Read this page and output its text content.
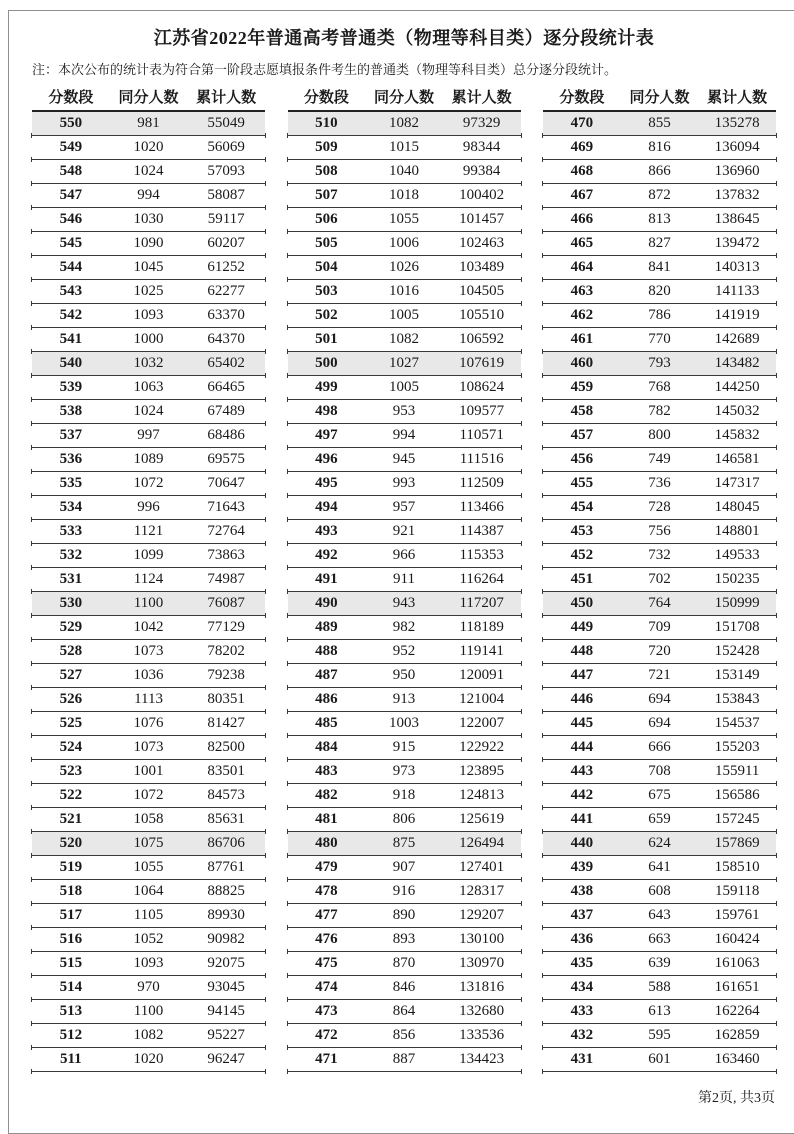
江苏省2022年普通高考普通类（物理等科目类）逐分段统计表

注：本次公布的统计表为符合第一阶段志愿填报条件考生的普通类（物理等科目类）总分逐分段统计。

分数段	同分人数	累计人数
550	981	55049
549	1020	56069
548	1024	57093
547	994	58087
546	1030	59117
545	1090	60207
544	1045	61252
543	1025	62277
542	1093	63370
541	1000	64370
540	1032	65402
539	1063	66465
538	1024	67489
537	997	68486
536	1089	69575
535	1072	70647
534	996	71643
533	1121	72764
532	1099	73863
531	1124	74987
530	1100	76087
529	1042	77129
528	1073	78202
527	1036	79238
526	1113	80351
525	1076	81427
524	1073	82500
523	1001	83501
522	1072	84573
521	1058	85631
520	1075	86706
519	1055	87761
518	1064	88825
517	1105	89930
516	1052	90982
515	1093	92075
514	970	93045
513	1100	94145
512	1082	95227
511	1020	96247
分数段	同分人数	累计人数
510	1082	97329
509	1015	98344
508	1040	99384
507	1018	100402
506	1055	101457
505	1006	102463
504	1026	103489
503	1016	104505
502	1005	105510
501	1082	106592
500	1027	107619
499	1005	108624
498	953	109577
497	994	110571
496	945	111516
495	993	112509
494	957	113466
493	921	114387
492	966	115353
491	911	116264
490	943	117207
489	982	118189
488	952	119141
487	950	120091
486	913	121004
485	1003	122007
484	915	122922
483	973	123895
482	918	124813
481	806	125619
480	875	126494
479	907	127401
478	916	128317
477	890	129207
476	893	130100
475	870	130970
474	846	131816
473	864	132680
472	856	133536
471	887	134423
分数段	同分人数	累计人数
470	855	135278
469	816	136094
468	866	136960
467	872	137832
466	813	138645
465	827	139472
464	841	140313
463	820	141133
462	786	141919
461	770	142689
460	793	143482
459	768	144250
458	782	145032
457	800	145832
456	749	146581
455	736	147317
454	728	148045
453	756	148801
452	732	149533
451	702	150235
450	764	150999
449	709	151708
448	720	152428
447	721	153149
446	694	153843
445	694	154537
444	666	155203
443	708	155911
442	675	156586
441	659	157245
440	624	157869
439	641	158510
438	608	159118
437	643	159761
436	663	160424
435	639	161063
434	588	161651
433	613	162264
432	595	162859
431	601	163460
第2页, 共3页
